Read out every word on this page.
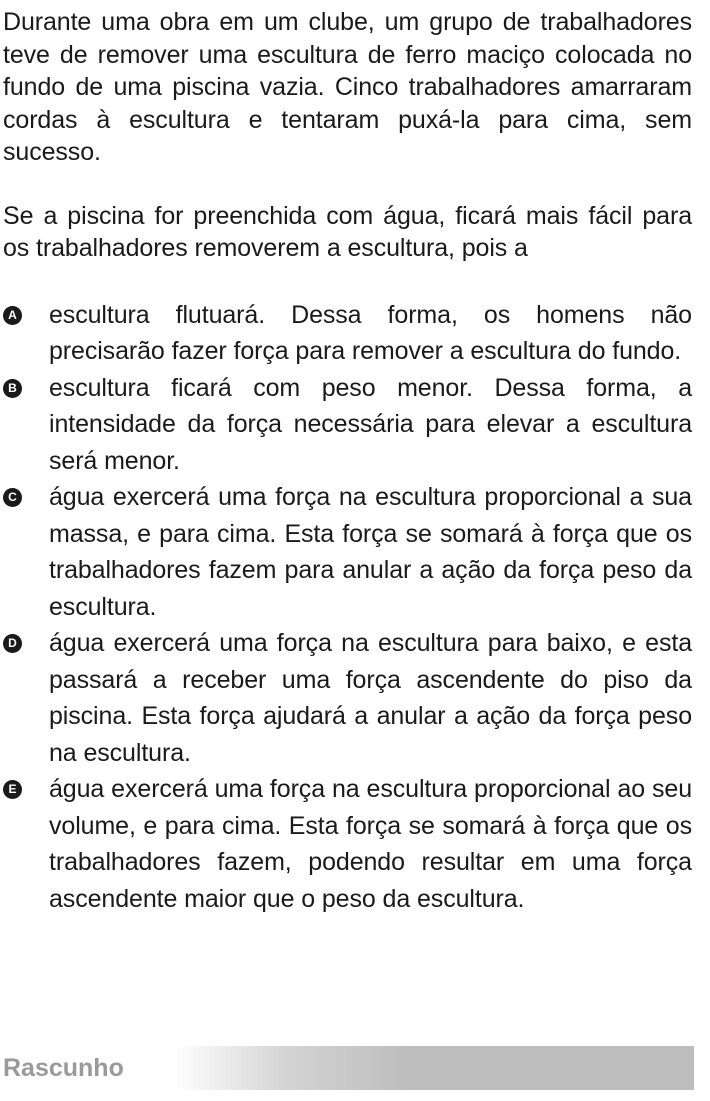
Durante uma obra em um clube, um grupo de trabalhadores teve de remover uma escultura de ferro maciço colocada no fundo de uma piscina vazia. Cinco trabalhadores amarraram cordas à escultura e tentaram puxá-la para cima, sem sucesso.

Se a piscina for preenchida com água, ficará mais fácil para os trabalhadores removerem a escultura, pois a

A escultura flutuará. Dessa forma, os homens não precisarão fazer força para remover a escultura do fundo.
B escultura ficará com peso menor. Dessa forma, a intensidade da força necessária para elevar a escultura será menor.
C água exercerá uma força na escultura proporcional a sua massa, e para cima. Esta força se somará à força que os trabalhadores fazem para anular a ação da força peso da escultura.
D água exercerá uma força na escultura para baixo, e esta passará a receber uma força ascendente do piso da piscina. Esta força ajudará a anular a ação da força peso na escultura.
E água exercerá uma força na escultura proporcional ao seu volume, e para cima. Esta força se somará à força que os trabalhadores fazem, podendo resultar em uma força ascendente maior que o peso da escultura.
Rascunho
